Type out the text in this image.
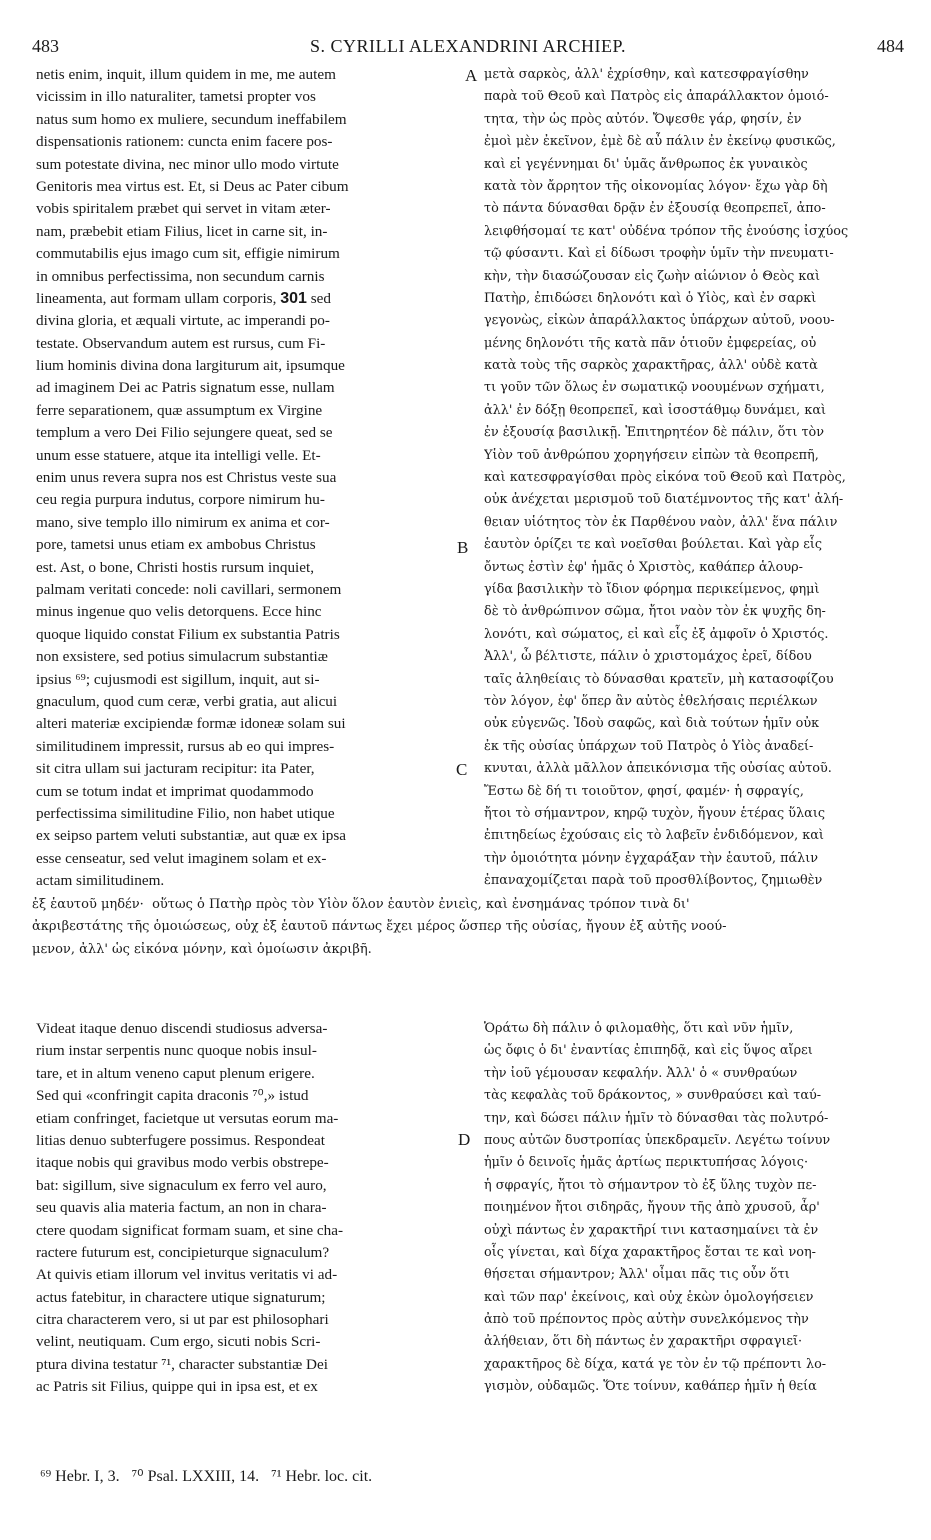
483	S. CYRILLI ALEXANDRINI ARCHIEP.	484
netis enim, inquit, illum quidem in me, me autem
vicissim in illo naturaliter, tametsi propter vos
natus sum homo ex muliere, secundum ineffabilem
dispensationis rationem: cuncta enim facere pos-
sum potestate divina, nec minor ullo modo virtute
Genitoris mea virtus est. Et, si Deus ac Pater cibum
vobis spiritalem præbet qui servet in vitam æter-
nam, præbebit etiam Filius, licet in carne sit, in-
commutabilis ejus imago cum sit, effigie nimirum
in omnibus perfectissima, non secundum carnis
lineamenta, aut formam ullam corporis, 301 sed
divina gloria, et æquali virtute, ac imperandi po-
testate. Observandum autem est rursus, cum Fi-
lium hominis divina dona largiturum ait, ipsumque
ad imaginem Dei ac Patris signatum esse, nullam
ferre separationem, quæ assumptum ex Virgine
templum a vero Dei Filio sejungere queat, sed se
unum esse statuere, atque ita intelligi velle. Et-
enim unus revera supra nos est Christus veste sua
ceu regia purpura indutus, corpore nimirum hu-
mano, sive templo illo nimirum ex anima et cor-
pore, tametsi unus etiam ex ambobus Christus
est. Ast, o bone, Christi hostis rursum inquiet,
palmam veritati concede: noli cavillari, sermonem
minus ingenue quo velis detorquens. Ecce hinc
quoque liquido constat Filium ex substantia Patris
non exsistere, sed potius simulacrum substantiæ
ipsius ⁶⁹; cujusmodi est sigillum, inquit, aut si-
gnaculum, quod cum ceræ, verbi gratia, aut alicui
alteri materiæ excipiendæ formæ idoneæ solam sui
similitudinem impressit, rursus ab eo qui impres-
sit citra ullam sui jacturam recipitur: ita Pater,
cum se totum indat et imprimat quodammodo
perfectissima similitudine Filio, non habet utique
ex seipso partem veluti substantiæ, aut quæ ex ipsa
esse censeatur, sed velut imaginem solam et ex-
actam similitudinem.
μετὰ σαρκὸς, ἀλλ' ἐχρίσθην, καὶ κατεσφραγίσθην
παρὰ τοῦ Θεοῦ καὶ Πατρὸς εἰς ἀπαράλλακτον ὁμοιό-
τητα, τὴν ὡς πρὸς αὐτόν. Ὄψεσθε γάρ, φησίν, ἐν
ἐμοὶ μὲν ἐκεῖνον, ἐμὲ δὲ αὖ πάλιν ἐν ἐκείνῳ φυσικῶς,
καὶ εἰ γεγέννημαι δι' ὑμᾶς ἄνθρωπος ἐκ γυναικὸς
κατὰ τὸν ἄρρητον τῆς οἰκονομίας λόγον· ἔχω γὰρ δὴ
τὸ πάντα δύνασθαι δρᾷν ἐν ἐξουσίᾳ θεοπρεπεῖ, ἀπο-
λειφθήσομαί τε κατ' οὐδένα τρόπον τῆς ἐνούσης ἰσχύος
τῷ φύσαντι. Καὶ εἰ δίδωσι τροφὴν ὑμῖν τὴν πνευματι-
κὴν, τὴν διασώζουσαν εἰς ζωὴν αἰώνιον ὁ Θεὸς καὶ
Πατὴρ, ἐπιδώσει δηλονότι καὶ ὁ Υἱὸς, καὶ ἐν σαρκὶ
γεγονὼς, εἰκὼν ἀπαράλλακτος ὑπάρχων αὐτοῦ, νοου-
μένης δηλονότι τῆς κατὰ πᾶν ὁτιοῦν ἐμφερείας, οὐ
κατὰ τοὺς τῆς σαρκὸς χαρακτῆρας, ἀλλ' οὐδὲ κατὰ
τι γοῦν τῶν ὅλως ἐν σωματικῷ νοουμένων σχήματι,
ἀλλ' ἐν δόξῃ θεοπρεπεῖ, καὶ ἰσοστάθμῳ δυνάμει, καὶ
ἐν ἐξουσίᾳ βασιλικῇ. Ἐπιτηρητέον δὲ πάλιν, ὅτι τὸν
Υἱὸν τοῦ ἀνθρώπου χορηγήσειν εἰπὼν τὰ θεοπρεπῆ,
καὶ κατεσφραγίσθαι πρὸς εἰκόνα τοῦ Θεοῦ καὶ Πατρὸς,
οὐκ ἀνέχεται μερισμοῦ τοῦ διατέμνοντος τῆς κατ' ἀλή-
θειαν υἱότητος τὸν ἐκ Παρθένου ναὸν, ἀλλ' ἕνα πάλιν
ἑαυτὸν ὁρίζει τε καὶ νοεῖσθαι βούλεται. Καὶ γὰρ εἷς
ὄντως ἐστὶν ἐφ' ἡμᾶς ὁ Χριστὸς, καθάπερ ἁλουρ-
γίδα βασιλικὴν τὸ ἴδιον φόρημα περικείμενος, φημὶ
δὲ τὸ ἀνθρώπινον σῶμα, ἤτοι ναὸν τὸν ἐκ ψυχῆς δη-
λονότι, καὶ σώματος, εἰ καὶ εἷς ἐξ ἀμφοῖν ὁ Χριστός.
Ἀλλ', ὦ βέλτιστε, πάλιν ὁ χριστομάχος ἐρεῖ, δίδου
ταῖς ἀληθείαις τὸ δύνασθαι κρατεῖν, μὴ κατασοφίζου
τὸν λόγον, ἐφ' ὅπερ ἂν αὐτὸς ἐθελήσαις περιέλκων
οὐκ εὐγενῶς. Ἰδοὺ σαφῶς, καὶ διὰ τούτων ἡμῖν οὐκ
ἐκ τῆς οὐσίας ὑπάρχων τοῦ Πατρὸς ὁ Υἱὸς ἀναδεί-
κνυται, ἀλλὰ μᾶλλον ἀπεικόνισμα τῆς οὐσίας αὐτοῦ.
Ἔστω δὲ δή τι τοιοῦτον, φησί, φαμέν· ἡ σφραγίς,
ἤτοι τὸ σήμαντρον, κηρῷ τυχὸν, ἤγουν ἑτέρας ὕλαις
ἐπιτηδείως ἐχούσαις εἰς τὸ λαβεῖν ἐνδιδόμενον, καὶ
τὴν ὁμοιότητα μόνην ἐγχαράξαν τὴν ἑαυτοῦ, πάλιν
ἐπαναχομίζεται παρὰ τοῦ προσθλίβοντος, ζημιωθὲν
A
B
C
D
ἐξ ἑαυτοῦ μηδέν·  οὕτως ὁ Πατὴρ πρὸς τὸν Υἱὸν ὅλον ἑαυτὸν ἐνιεὶς, καὶ ἐνσημάνας τρόπον τινὰ δι'
ἀκριβεστάτης τῆς ὁμοιώσεως, οὐχ ἐξ ἑαυτοῦ πάντως ἔχει μέρος ὥσπερ τῆς οὐσίας, ἤγουν ἐξ αὐτῆς νοού-
μενον, ἀλλ' ὡς εἰκόνα μόνην, καὶ ὁμοίωσιν ἀκριβῆ.
Videat itaque denuo discendi studiosus adversa-
rium instar serpentis nunc quoque nobis insul-
tare, et in altum veneno caput plenum erigere.
Sed qui «confringit capita draconis ⁷⁰,» istud
etiam confringet, facietque ut versutas eorum ma-
litias denuo subterfugere possimus. Respondeat
itaque nobis qui gravibus modo verbis obstrepe-
bat: sigillum, sive signaculum ex ferro vel auro,
seu quavis alia materia factum, an non in chara-
ctere quodam significat formam suam, et sine cha-
ractere futurum est, concipieturque signaculum?
At quivis etiam illorum vel invitus veritatis vi ad-
actus fatebitur, in charactere utique signaturum;
citra characterem vero, si ut par est philosophari
velint, neutiquam. Cum ergo, sicuti nobis Scri-
ptura divina testatur ⁷¹, character substantiæ Dei
ac Patris sit Filius, quippe qui in ipsa est, et ex
Ὁράτω δὴ πάλιν ὁ φιλομαθὴς, ὅτι καὶ νῦν ἡμῖν,
ὡς ὄφις ὁ δι' ἐναντίας ἐπιπηδᾷ, καὶ εἰς ὕψος αἴρει
τὴν ἰοῦ γέμουσαν κεφαλήν. Ἀλλ' ὁ « συνθραύων
τὰς κεφαλὰς τοῦ δράκοντος, » συνθραύσει καὶ ταύ-
την, καὶ δώσει πάλιν ἡμῖν τὸ δύνασθαι τὰς πολυτρό-
πους αὐτῶν δυστροπίας ὑπεκδραμεῖν. Λεγέτω τοίνυν
ἡμῖν ὁ δεινοῖς ἡμᾶς ἀρτίως περικτυπήσας λόγοις·
ἡ σφραγίς, ἤτοι τὸ σήμαντρον τὸ ἐξ ὕλης τυχὸν πε-
ποιημένον ἤτοι σιδηρᾶς, ἤγουν τῆς ἀπὸ χρυσοῦ, ἆρ'
οὐχὶ πάντως ἐν χαρακτῆρί τινι κατασημαίνει τὰ ἐν
οἷς γίνεται, καὶ δίχα χαρακτῆρος ἔσται τε καὶ νοη-
θήσεται σήμαντρον; Ἀλλ' οἶμαι πᾶς τις οὖν ὅτι
καὶ τῶν παρ' ἐκείνοις, καὶ οὐχ ἑκὼν ὁμολογήσειεν
ἀπὸ τοῦ πρέποντος πρὸς αὐτὴν συνελκόμενος τὴν
ἀλήθειαν, ὅτι δὴ πάντως ἐν χαρακτῆρι σφραγιεῖ·
χαρακτῆρος δὲ δίχα, κατά γε τὸν ἐν τῷ πρέποντι λο-
γισμὸν, οὐδαμῶς. Ὅτε τοίνυν, καθάπερ ἡμῖν ἡ θεία
⁶⁹ Hebr. I, 3.   ⁷⁰ Psal. LXXIII, 14.   ⁷¹ Hebr. loc. cit.
